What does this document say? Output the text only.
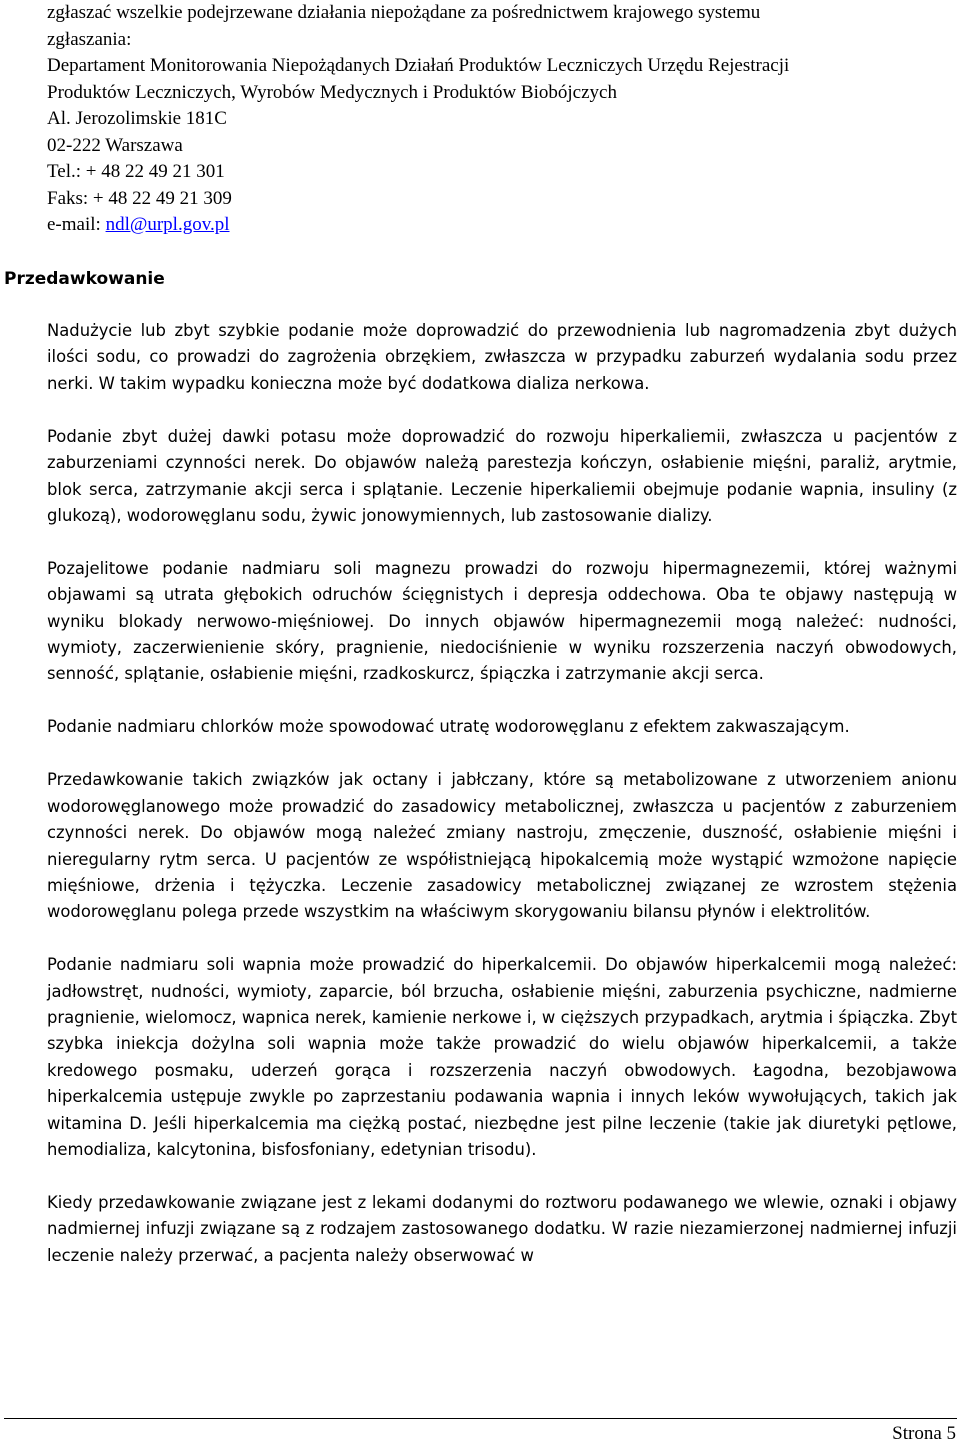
zgłaszać wszelkie podejrzewane działania niepożądane za pośrednictwem krajowego systemu
zgłaszania:
Departament Monitorowania Niepożądanych Działań Produktów Leczniczych Urzędu Rejestracji
Produktów Leczniczych, Wyrobów Medycznych i Produktów Biobójczych
Al. Jerozolimskie 181C
02-222 Warszawa
Tel.: + 48 22 49 21 301
Faks: + 48 22 49 21 309
e-mail: ndl@urpl.gov.pl
Przedawkowanie

Nadużycie lub zbyt szybkie podanie może doprowadzić do przewodnienia lub nagromadzenia zbyt dużych ilości sodu, co prowadzi do zagrożenia obrzękiem, zwłaszcza w przypadku zaburzeń wydalania sodu przez nerki. W takim wypadku konieczna może być dodatkowa dializa nerkowa.

Podanie zbyt dużej dawki potasu może doprowadzić do rozwoju hiperkaliemii, zwłaszcza u pacjentów z zaburzeniami czynności nerek. Do objawów należą parestezja kończyn, osłabienie mięśni, paraliż, arytmie, blok serca, zatrzymanie akcji serca i splątanie. Leczenie hiperkaliemii obejmuje podanie wapnia, insuliny (z glukozą), wodorowęglanu sodu, żywic jonowymiennych, lub zastosowanie dializy.

Pozajelitowe podanie nadmiaru soli magnezu prowadzi do rozwoju hipermagnezemii, której ważnymi objawami są utrata głębokich odruchów ścięgnistych i depresja oddechowa. Oba te objawy następują w wyniku blokady nerwowo-mięśniowej. Do innych objawów hipermagnezemii mogą należeć: nudności, wymioty, zaczerwienienie skóry, pragnienie, niedociśnienie w wyniku rozszerzenia naczyń obwodowych, senność, splątanie, osłabienie mięśni, rzadkoskurcz, śpiączka i zatrzymanie akcji serca.

Podanie nadmiaru chlorków może spowodować utratę wodorowęglanu z efektem zakwaszającym.

Przedawkowanie takich związków jak octany i jabłczany, które są metabolizowane z utworzeniem anionu wodorowęglanowego może prowadzić do zasadowicy metabolicznej, zwłaszcza u pacjentów z zaburzeniem czynności nerek. Do objawów mogą należeć zmiany nastroju, zmęczenie, duszność, osłabienie mięśni i nieregularny rytm serca. U pacjentów ze współistniejącą hipokalcemią może wystąpić wzmożone napięcie mięśniowe, drżenia i tężyczka. Leczenie zasadowicy metabolicznej związanej ze wzrostem stężenia wodorowęglanu polega przede wszystkim na właściwym skorygowaniu bilansu płynów i elektrolitów.

Podanie nadmiaru soli wapnia może prowadzić do hiperkalcemii. Do objawów hiperkalcemii mogą należeć: jadłowstręt, nudności, wymioty, zaparcie, ból brzucha, osłabienie mięśni, zaburzenia psychiczne, nadmierne pragnienie, wielomocz, wapnica nerek, kamienie nerkowe i, w cięższych przypadkach, arytmia i śpiączka. Zbyt szybka iniekcja dożylna soli wapnia może także prowadzić do wielu objawów hiperkalcemii, a także kredowego posmaku, uderzeń gorąca i rozszerzenia naczyń obwodowych. Łagodna, bezobjawowa hiperkalcemia ustępuje zwykle po zaprzestaniu podawania wapnia i innych leków wywołujących, takich jak witamina D. Jeśli hiperkalcemia ma ciężką postać, niezbędne jest pilne leczenie (takie jak diuretyki pętlowe, hemodializa, kalcytonina, bisfosfoniany, edetynian trisodu).

Kiedy przedawkowanie związane jest z lekami dodanymi do roztworu podawanego we wlewie, oznaki i objawy nadmiernej infuzji związane są z rodzajem zastosowanego dodatku. W razie niezamierzonej nadmiernej infuzji leczenie należy przerwać, a pacjenta należy obserwować w

Strona 5
